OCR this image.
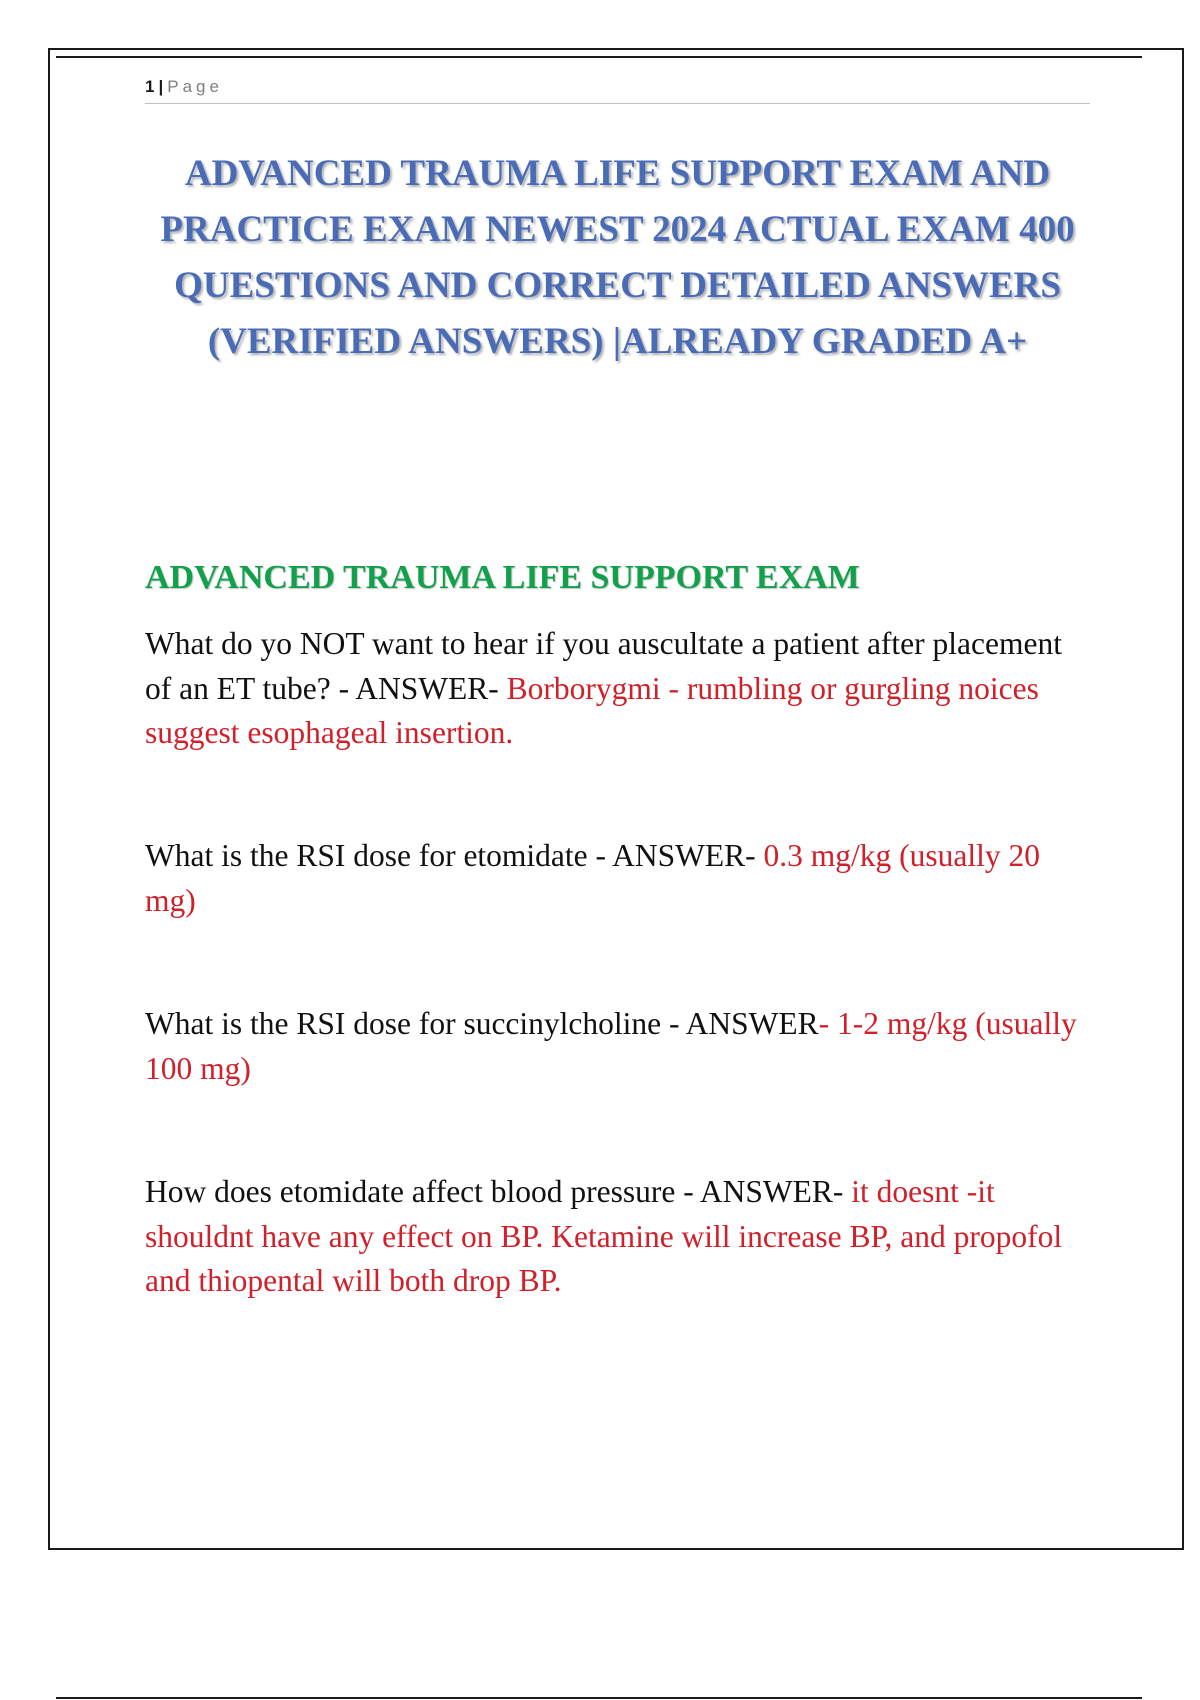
1 | Page
ADVANCED TRAUMA LIFE SUPPORT EXAM AND PRACTICE EXAM NEWEST 2024 ACTUAL EXAM 400 QUESTIONS AND CORRECT DETAILED ANSWERS (VERIFIED ANSWERS) |ALREADY GRADED A+
ADVANCED TRAUMA LIFE SUPPORT EXAM
What do yo NOT want to hear if you auscultate a patient after placement of an ET tube? - ANSWER- Borborygmi - rumbling or gurgling noices suggest esophageal insertion.
What is the RSI dose for etomidate - ANSWER- 0.3 mg/kg (usually 20 mg)
What is the RSI dose for succinylcholine - ANSWER- 1-2 mg/kg (usually 100 mg)
How does etomidate affect blood pressure - ANSWER- it doesnt -it shouldnt have any effect on BP. Ketamine will increase BP, and propofol and thiopental will both drop BP.
